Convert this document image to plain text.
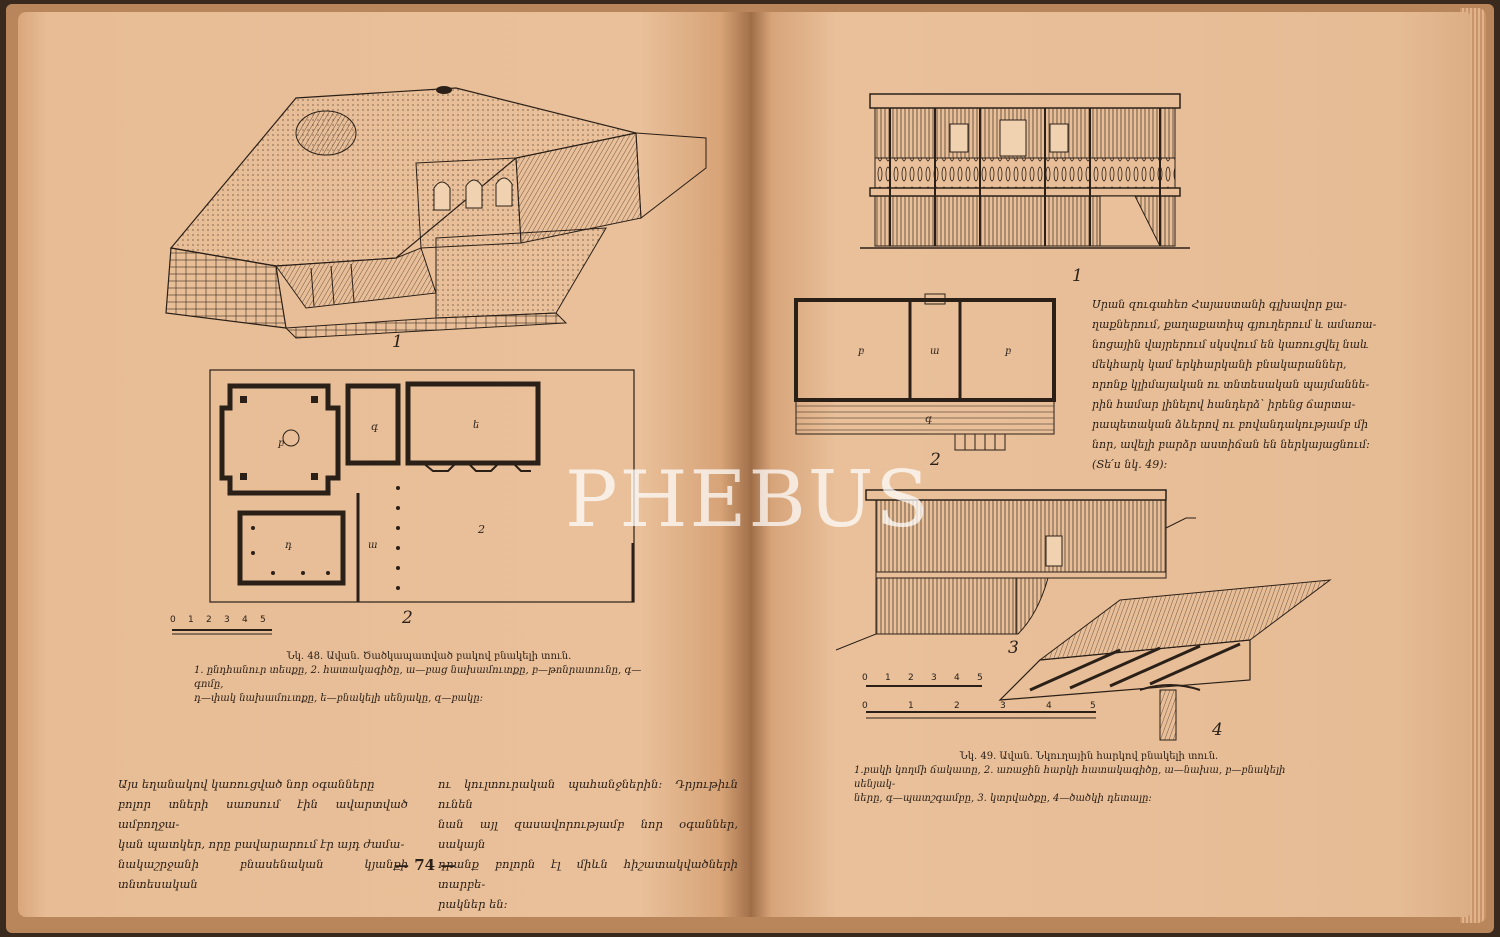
1
բ
գ	ե
դ	ա
2
2
0 1 2 3 4 5
Նկ. 48. Ավան. Ծածկապատված բակով բնակելի տուն.
1. ընդհանուր տեսքը, 2. հատակագիծը, ա—բաց նախամուտքը, բ—թոնրատունը, գ—գոմը,
դ—փակ նախամուտքը, ե—բնակելի սենյակը, զ—բակը։
Այս եղանակով կառուցված նոր օգանները
բոլոր տների սառսում էին ավարտված ամբողջա-
կան պատկեր, որը բավարարում էր այդ ժամա-
նակաշրջանի բնասենական կյանքի տնտեսական
ու կուլտուրական պահանջներին։ Դրյութիւն ունեն
նան այլ զասավորությամբ նոր օգաններ, սակայն
դրանք բոլորն էլ միևն հիշատակվածների տարբե-
րակներ են։
— 74 —
1
բ	ա	բ
գ
2
Սրան զուգահեռ Հայաստանի գլխավոր քա-
ղաքներում, քաղաքատիպ գյուղերում և ամառա-
նոցային վայրերում սկսվում են կառուցվել նաև
մեկհարկ կամ երկհարկանի բնակարաններ,
որոնք կլիմայական ու տնտեսական պայմաննե-
րին համար լինելով հանդերձ՝ իրենց ճարտա-
րապետական ձևերով ու բովանդակությամբ մի
նոր, ավելի բարձր աստիճան են ներկայացնում։
(Տե՛ս նկ. 49)։
3
4
0 1 2 3 4 5
0	1	2	3	4	5
Նկ. 49. Ավան. Նկուղային հարկով բնակելի տուն.
1.բակի կողմի ճակատը, 2. առաջին հարկի հատակագիծը, ա—նախա, բ—բնակելի սենյակ-
ները, գ—պատշգամբը, 3. կտրվածքը, 4—ծածկի դետալը։
PHEBUS
